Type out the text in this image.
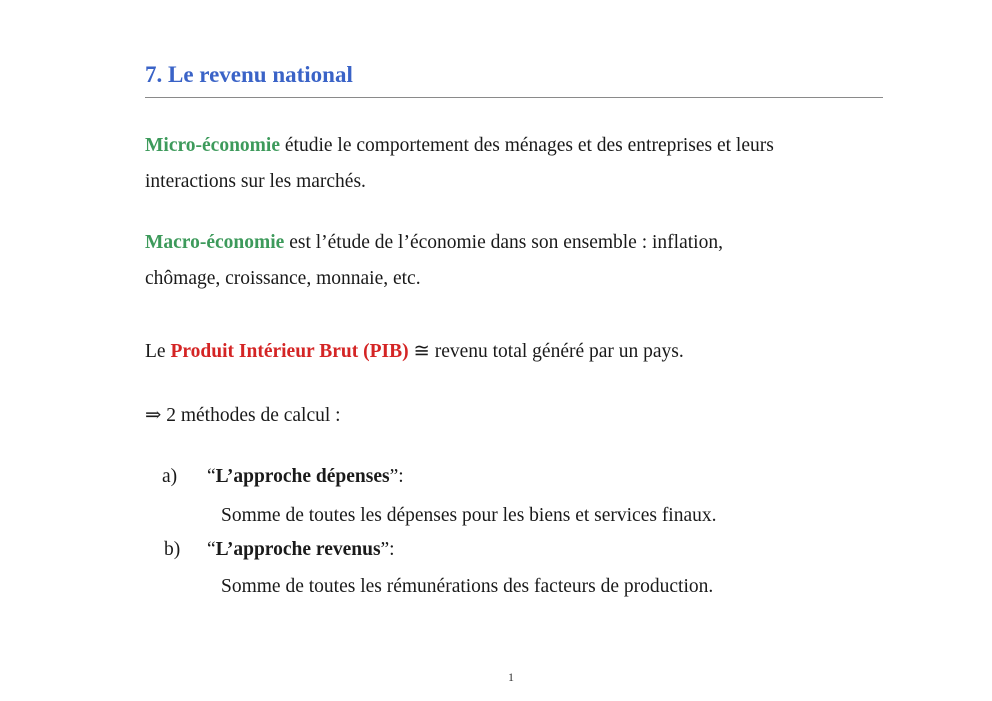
7. Le revenu national

Micro-économie étudie le comportement des ménages et des entreprises et leurs
interactions sur les marchés.

Macro-économie est l’étude de l’économie dans son ensemble : inflation,
chômage, croissance, monnaie, etc.

Le Produit Intérieur Brut (PIB) ≅ revenu total généré par un pays.

⇒ 2 méthodes de calcul :

a)	“L’approche dépenses”:

Somme de toutes les dépenses pour les biens et services finaux.

b)	“L’approche revenus”:

Somme de toutes les rémunérations des facteurs de production.

1
